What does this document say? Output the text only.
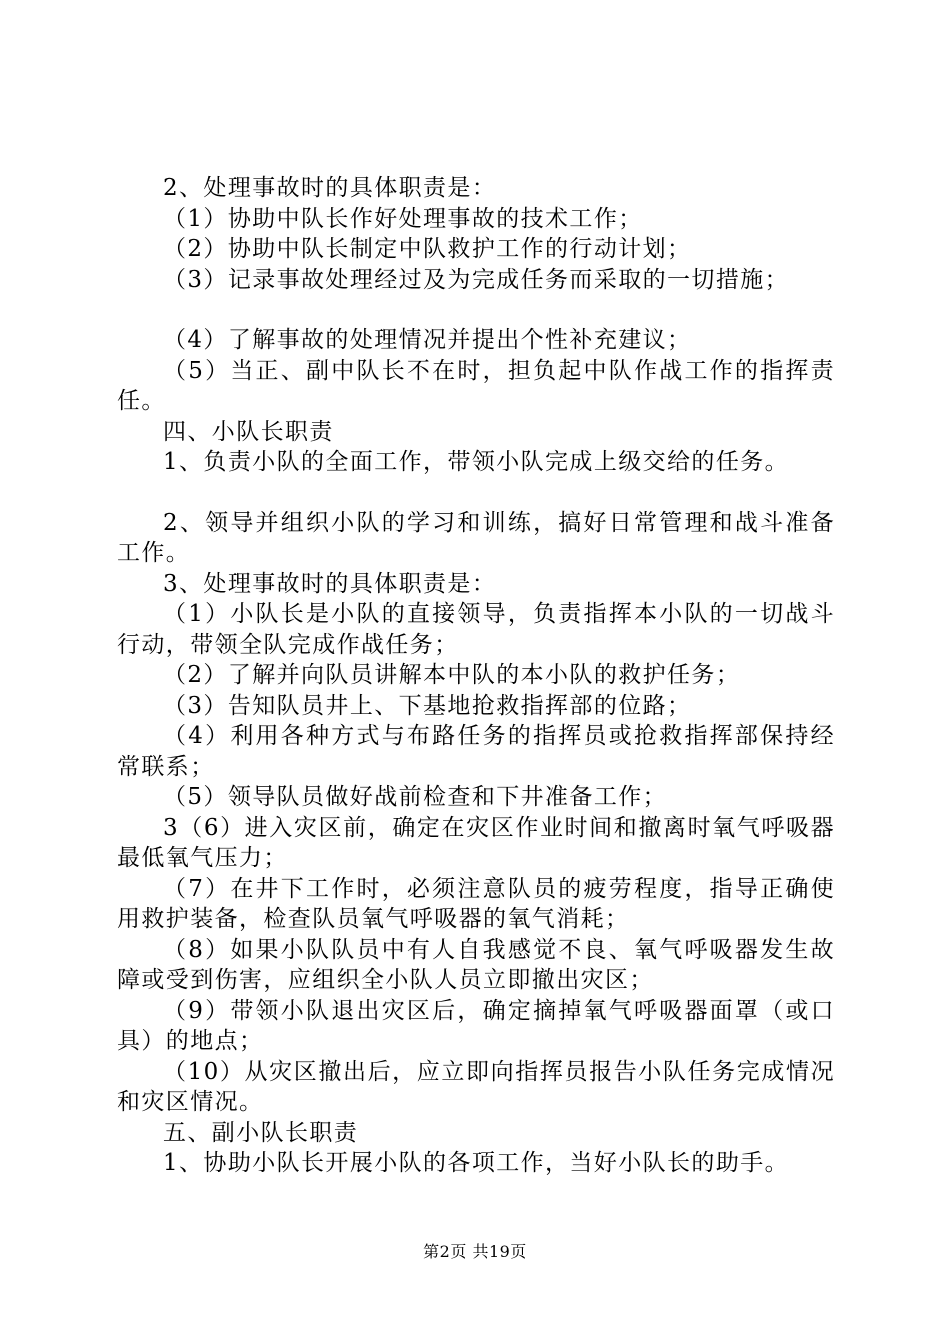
2、处理事故时的具体职责是：

（1）协助中队长作好处理事故的技术工作；

（2）协助中队长制定中队救护工作的行动计划；

（3）记录事故处理经过及为完成任务而采取的一切措施；

（4）了解事故的处理情况并提出个性补充建议；

（5）当正、副中队长不在时，担负起中队作战工作的指挥责任。

四、小队长职责

1、负责小队的全面工作，带领小队完成上级交给的任务。

2、领导并组织小队的学习和训练，搞好日常管理和战斗准备工作。

3、处理事故时的具体职责是：

（1）小队长是小队的直接领导，负责指挥本小队的一切战斗行动，带领全队完成作战任务；

（2）了解并向队员讲解本中队的本小队的救护任务；

（3）告知队员井上、下基地抢救指挥部的位路；

（4）利用各种方式与布路任务的指挥员或抢救指挥部保持经常联系；

（5）领导队员做好战前检查和下井准备工作；

3（6）进入灾区前，确定在灾区作业时间和撤离时氧气呼吸器最低氧气压力；

（7）在井下工作时，必须注意队员的疲劳程度，指导正确使用救护装备，检查队员氧气呼吸器的氧气消耗；

（8）如果小队队员中有人自我感觉不良、氧气呼吸器发生故障或受到伤害，应组织全小队人员立即撤出灾区；

（9）带领小队退出灾区后，确定摘掉氧气呼吸器面罩（或口具）的地点；

（10）从灾区撤出后，应立即向指挥员报告小队任务完成情况和灾区情况。

五、副小队长职责

1、协助小队长开展小队的各项工作，当好小队长的助手。

第2页 共19页
